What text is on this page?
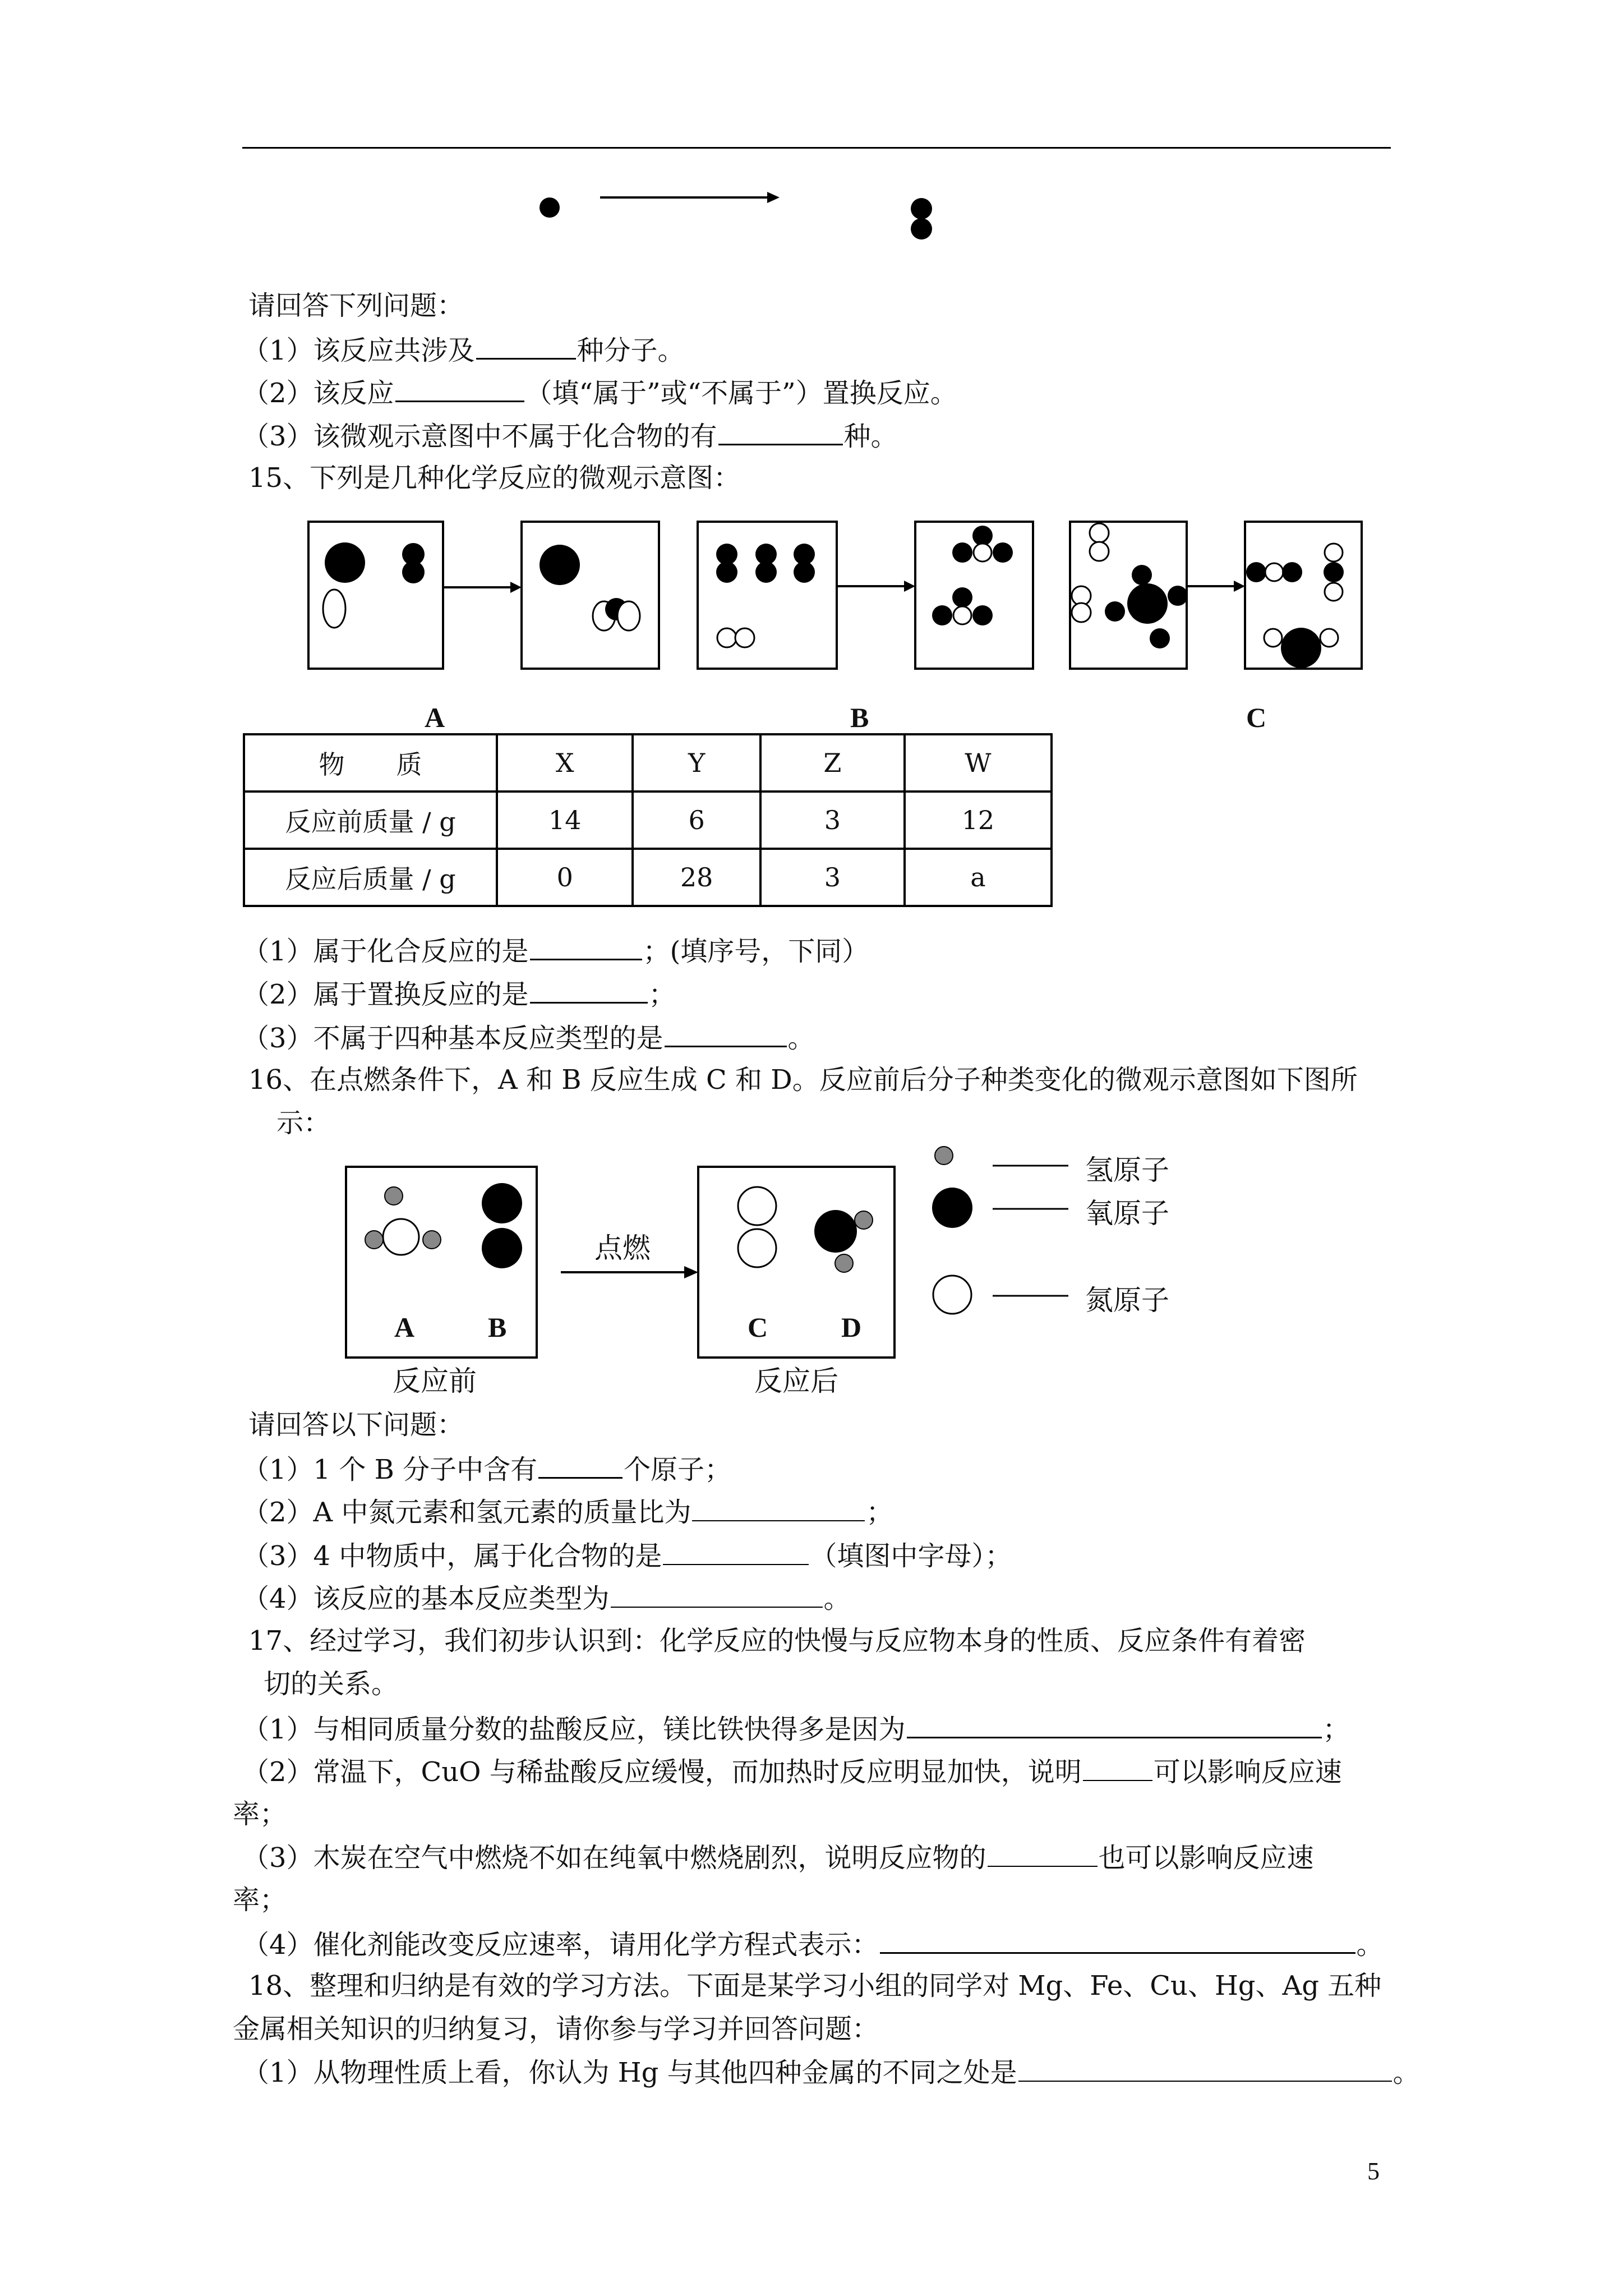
请回答下列问题：
（1）该反应共涉及	种分子。
（2）该反应	（填“属于”或“不属于”）置换反应。
（3）该微观示意图中不属于化合物的有	种。
15、下列是几种化学反应的微观示意图：
A	B	C
物　　质	X	Y	Z	W
反应前质量 / g	14	6	3	12
反应后质量 / g	0	28	3	a
（1）属于化合反应的是	；(填序号，下同）
（2）属于置换反应的是	；
（3）不属于四种基本反应类型的是	。
16、在点燃条件下，A 和 B 反应生成 C 和 D。反应前后分子种类变化的微观示意图如下图所
示：
氢原子
氧原子
氮原子
点燃
A	B	C	D
反应前	反应后
请回答以下问题：
（1）1 个 B 分子中含有	个原子；
（2）A 中氮元素和氢元素的质量比为	；
（3）4 中物质中，属于化合物的是	（填图中字母）；
（4）该反应的基本反应类型为	。
17、经过学习，我们初步认识到：化学反应的快慢与反应物本身的性质、反应条件有着密
切的关系。
（1）与相同质量分数的盐酸反应，镁比铁快得多是因为	；
（2）常温下，CuO 与稀盐酸反应缓慢，而加热时反应明显加快，说明	可以影响反应速
率；
（3）木炭在空气中燃烧不如在纯氧中燃烧剧烈，说明反应物的	也可以影响反应速
率；
（4）催化剂能改变反应速率，请用化学方程式表示：	。
18、整理和归纳是有效的学习方法。下面是某学习小组的同学对 Mg、Fe、Cu、Hg、Ag 五种
金属相关知识的归纳复习，请你参与学习并回答问题：
（1）从物理性质上看，你认为 Hg 与其他四种金属的不同之处是	。
5
